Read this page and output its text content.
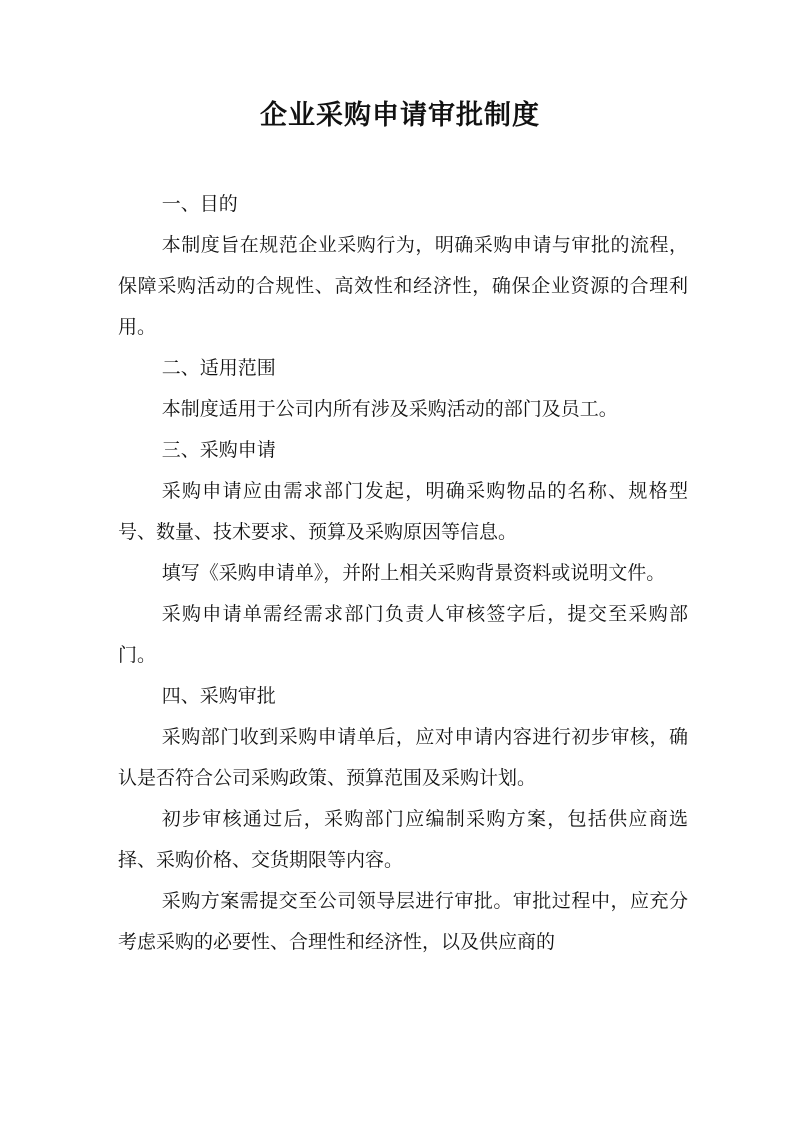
企业采购申请审批制度

一、目的

本制度旨在规范企业采购行为，明确采购申请与审批的流程，保障采购活动的合规性、高效性和经济性，确保企业资源的合理利用。

二、适用范围

本制度适用于公司内所有涉及采购活动的部门及员工。

三、采购申请

采购申请应由需求部门发起，明确采购物品的名称、规格型号、数量、技术要求、预算及采购原因等信息。

填写《采购申请单》，并附上相关采购背景资料或说明文件。

采购申请单需经需求部门负责人审核签字后，提交至采购部门。

四、采购审批

采购部门收到采购申请单后，应对申请内容进行初步审核，确认是否符合公司采购政策、预算范围及采购计划。

初步审核通过后，采购部门应编制采购方案，包括供应商选择、采购价格、交货期限等内容。

采购方案需提交至公司领导层进行审批。审批过程中，应充分考虑采购的必要性、合理性和经济性，以及供应商的
